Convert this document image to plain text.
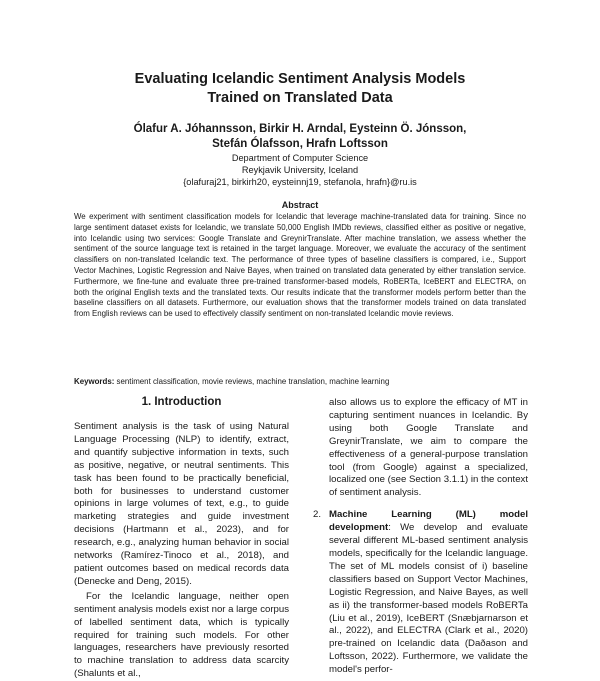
Evaluating Icelandic Sentiment Analysis Models
Trained on Translated Data
Ólafur A. Jóhannsson, Birkir H. Arndal, Eysteinn Ö. Jónsson,
Stefán Ólafsson, Hrafn Loftsson
Department of Computer Science
Reykjavik University, Iceland
{olafuraj21, birkirh20, eysteinnj19, stefanola, hrafn}@ru.is
Abstract
We experiment with sentiment classification models for Icelandic that leverage machine-translated data for training. Since no large sentiment dataset exists for Icelandic, we translate 50,000 English IMDb reviews, classified either as positive or negative, into Icelandic using two services: Google Translate and GreynirTranslate. After machine translation, we assess whether the sentiment of the source language text is retained in the target language. Moreover, we evaluate the accuracy of the sentiment classifiers on non-translated Icelandic text. The performance of three types of baseline classifiers is compared, i.e., Support Vector Machines, Logistic Regression and Naive Bayes, when trained on translated data generated by either translation service. Furthermore, we fine-tune and evaluate three pre-trained transformer-based models, RoBERTa, IceBERT and ELECTRA, on both the original English texts and the translated texts. Our results indicate that the transformer models perform better than the baseline classifiers on all datasets. Furthermore, our evaluation shows that the transformer models trained on data translated from English reviews can be used to effectively classify sentiment on non-translated Icelandic movie reviews.
Keywords: sentiment classification, movie reviews, machine translation, machine learning
1. Introduction

Sentiment analysis is the task of using Natural Language Processing (NLP) to identify, extract, and quantify subjective information in texts, such as positive, negative, or neutral sentiments. This task has been found to be practically beneficial, both for businesses to understand customer opinions in large volumes of text, e.g., to guide marketing strategies and guide investment decisions (Hartmann et al., 2023), and for research, e.g., analyzing human behavior in social networks (Ramírez-Tinoco et al., 2018), and patient outcomes based on medical records data (Denecke and Deng, 2015).

For the Icelandic language, neither open sentiment analysis models exist nor a large corpus of labelled sentiment data, which is typically required for training such models. For other languages, researchers have previously resorted to machine translation to address data scarcity (Shalunts et al.,

also allows us to explore the efficacy of MT in capturing sentiment nuances in Icelandic. By using both Google Translate and GreynirTranslate, we aim to compare the effectiveness of a general-purpose translation tool (from Google) against a specialized, localized one (see Section 3.1.1) in the context of sentiment analysis.

2. Machine Learning (ML) model development: We develop and evaluate several different ML-based sentiment analysis models, specifically for the Icelandic language. The set of ML models consist of i) baseline classifiers based on Support Vector Machines, Logistic Regression, and Naive Bayes, as well as ii) the transformer-based models RoBERTa (Liu et al., 2019), IceBERT (Snæbjarnarson et al., 2022), and ELECTRA (Clark et al., 2020) pre-trained on Icelandic data (Daðason and Loftsson, 2022). Furthermore, we validate the model's perfor-
